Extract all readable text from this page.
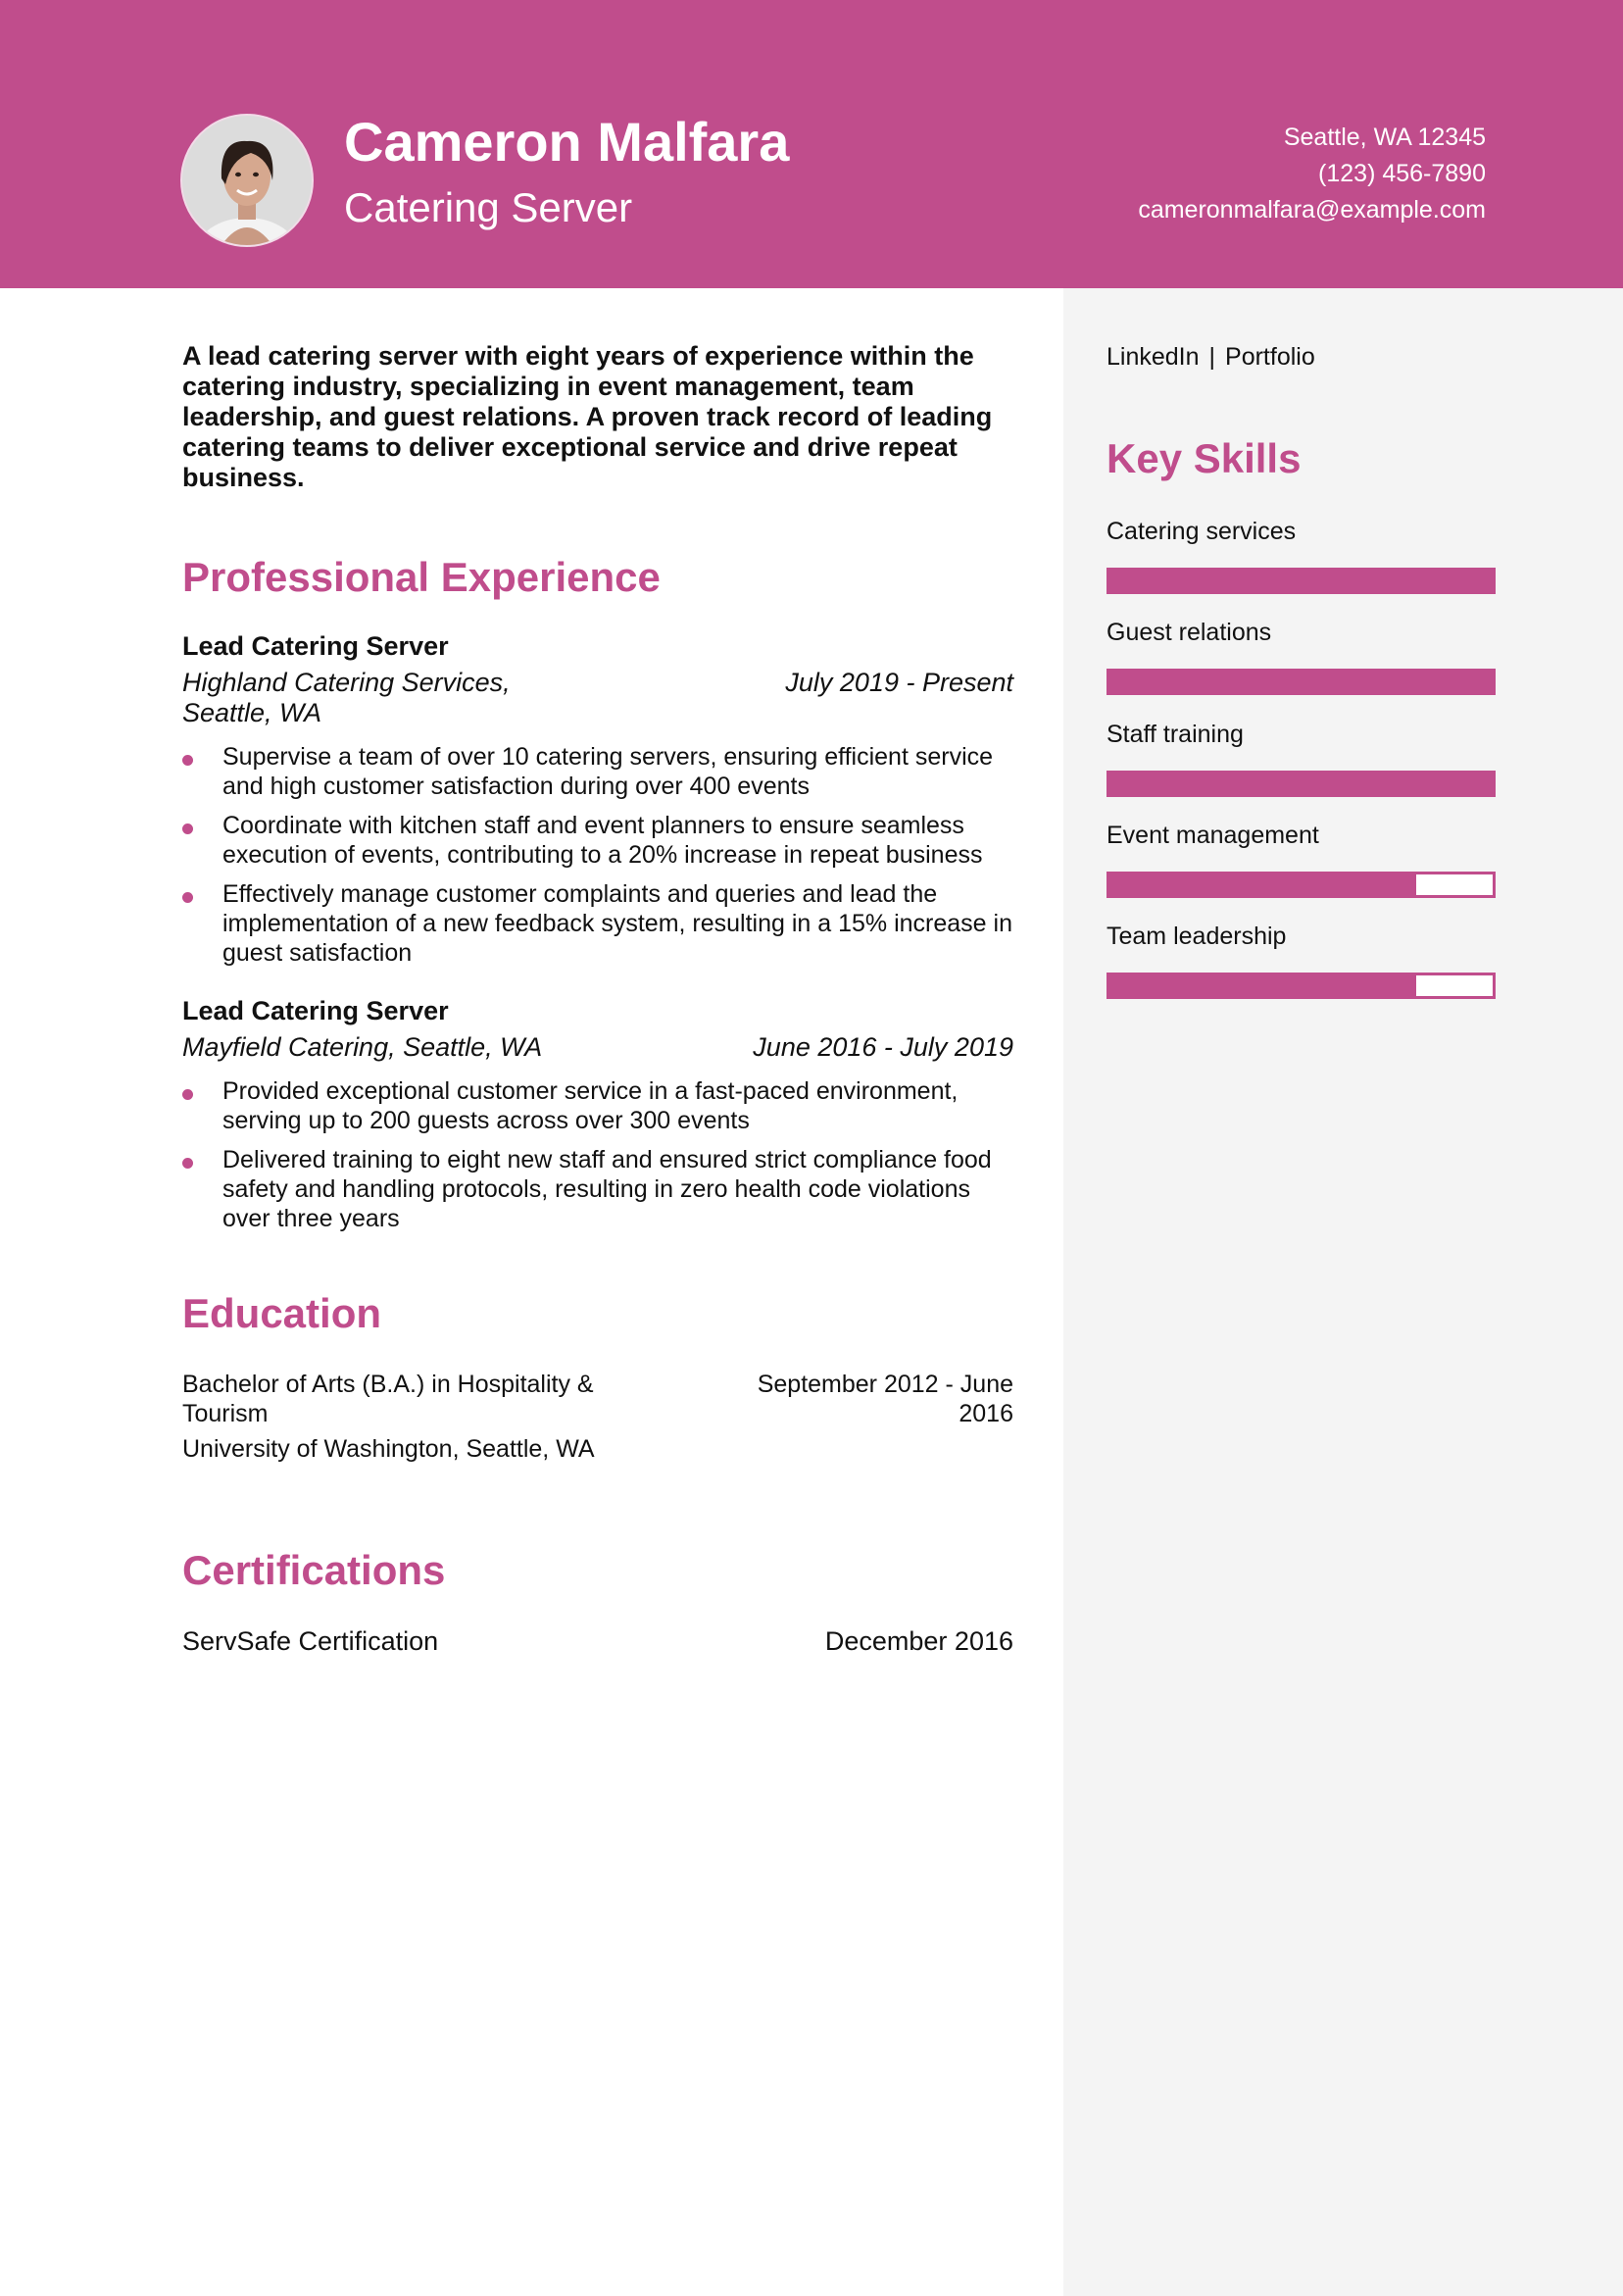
Cameron Malfara
Catering Server
Seattle, WA 12345
(123) 456-7890
cameronmalfara@example.com
LinkedIn | Portfolio
Key Skills
Catering services
Guest relations
Staff training
Event management
Team leadership
A lead catering server with eight years of experience within the catering industry, specializing in event management, team leadership, and guest relations. A proven track record of leading catering teams to deliver exceptional service and drive repeat business.
Professional Experience
Lead Catering Server
Highland Catering Services, Seattle, WA
July 2019 - Present
Supervise a team of over 10 catering servers, ensuring efficient service and high customer satisfaction during over 400 events
Coordinate with kitchen staff and event planners to ensure seamless execution of events, contributing to a 20% increase in repeat business
Effectively manage customer complaints and queries and lead the implementation of a new feedback system, resulting in a 15% increase in guest satisfaction
Lead Catering Server
Mayfield Catering, Seattle, WA	June 2016 - July 2019
Provided exceptional customer service in a fast-paced environment, serving up to 200 guests across over 300 events
Delivered training to eight new staff and ensured strict compliance food safety and handling protocols, resulting in zero health code violations over three years
Education
Bachelor of Arts (B.A.) in Hospitality & Tourism
September 2012 - June 2016
University of Washington, Seattle, WA
Certifications
ServSafe Certification	December 2016
